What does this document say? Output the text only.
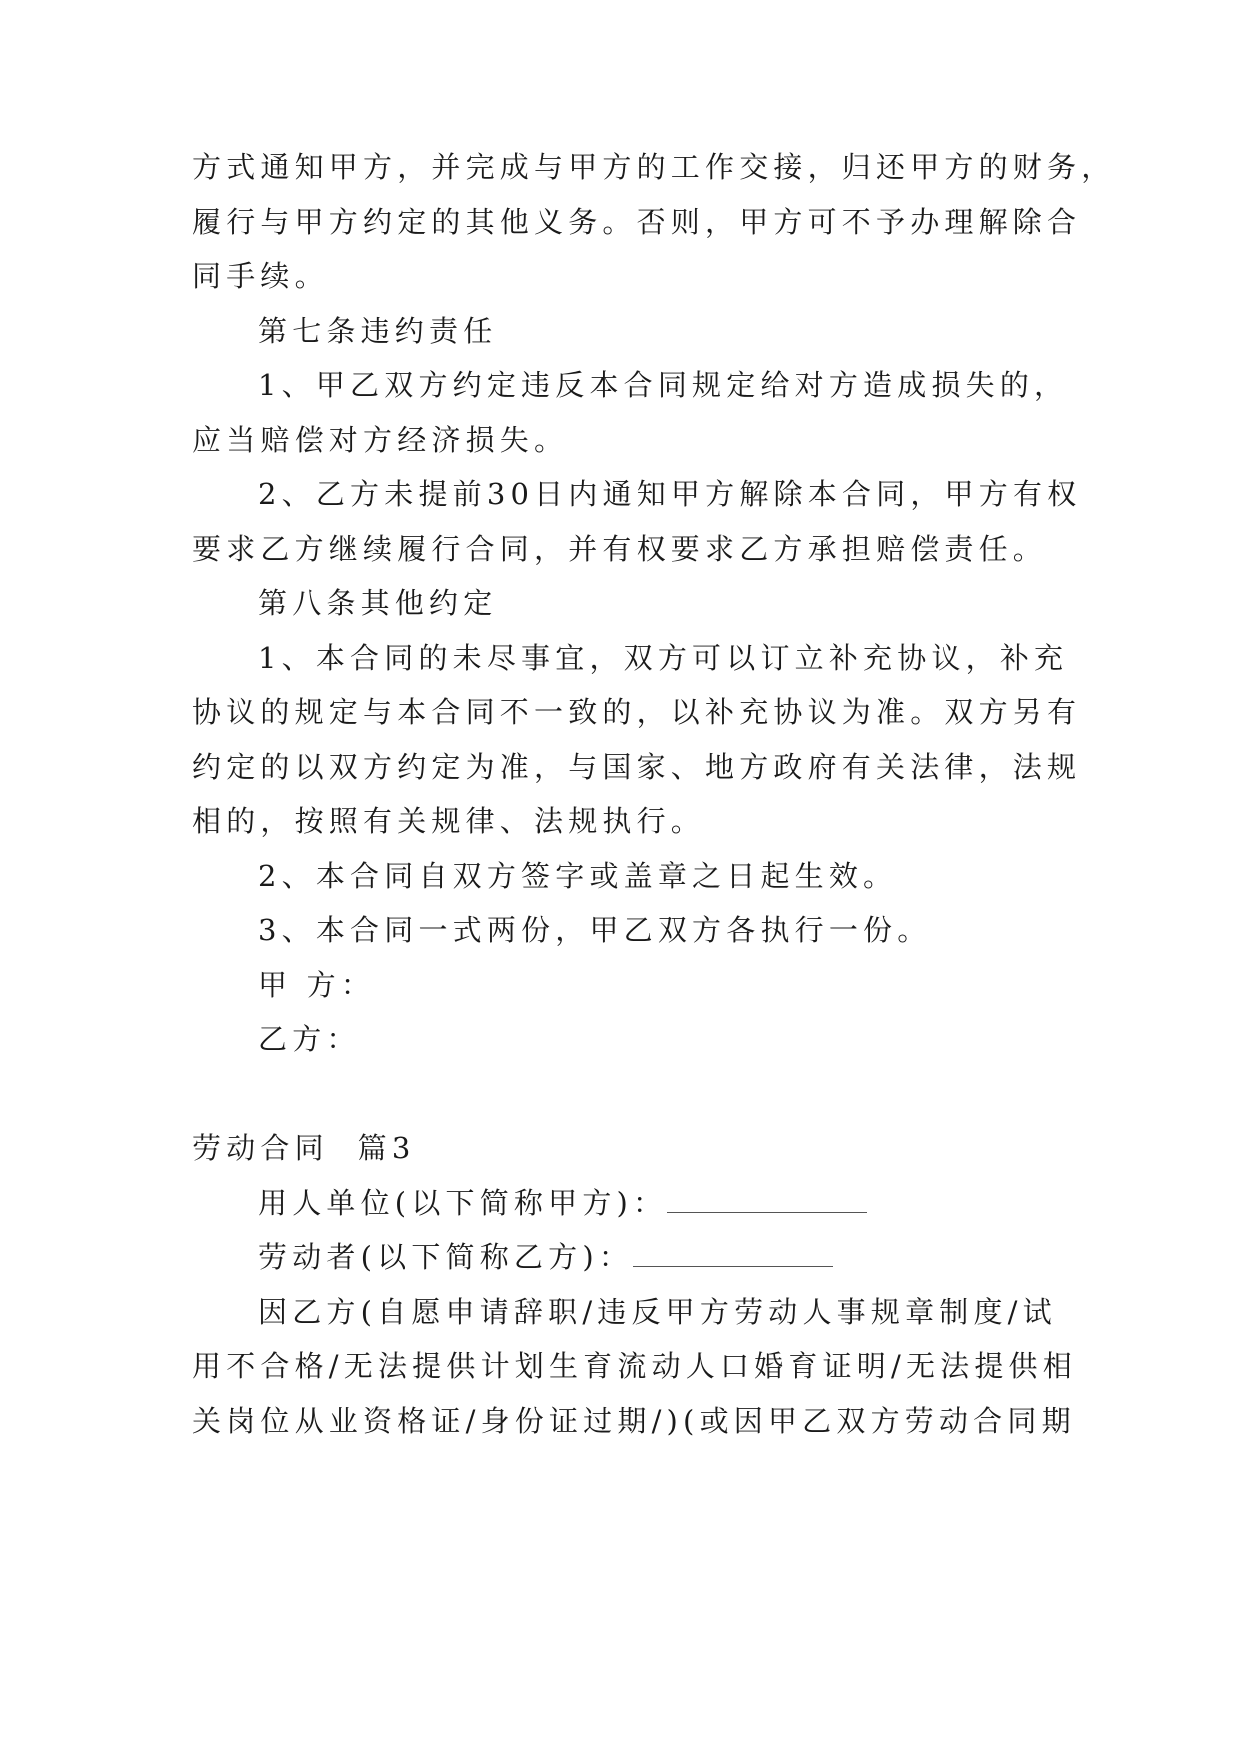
方式通知甲方，并完成与甲方的工作交接，归还甲方的财务，
履行与甲方约定的其他义务。否则，甲方可不予办理解除合
同手续。
第七条违约责任
1、甲乙双方约定违反本合同规定给对方造成损失的，
应当赔偿对方经济损失。
2、乙方未提前30日内通知甲方解除本合同，甲方有权
要求乙方继续履行合同，并有权要求乙方承担赔偿责任。
第八条其他约定
1、本合同的未尽事宜，双方可以订立补充协议，补充
协议的规定与本合同不一致的，以补充协议为准。双方另有
约定的以双方约定为准，与国家、地方政府有关法律，法规
相的，按照有关规律、法规执行。
2、本合同自双方签字或盖章之日起生效。
3、本合同一式两份，甲乙双方各执行一份。
甲 方：
乙方：
劳动合同  篇3
用人单位(以下简称甲方)：
劳动者(以下简称乙方)：
因乙方(自愿申请辞职/违反甲方劳动人事规章制度/试
用不合格/无法提供计划生育流动人口婚育证明/无法提供相
关岗位从业资格证/身份证过期/)(或因甲乙双方劳动合同期
